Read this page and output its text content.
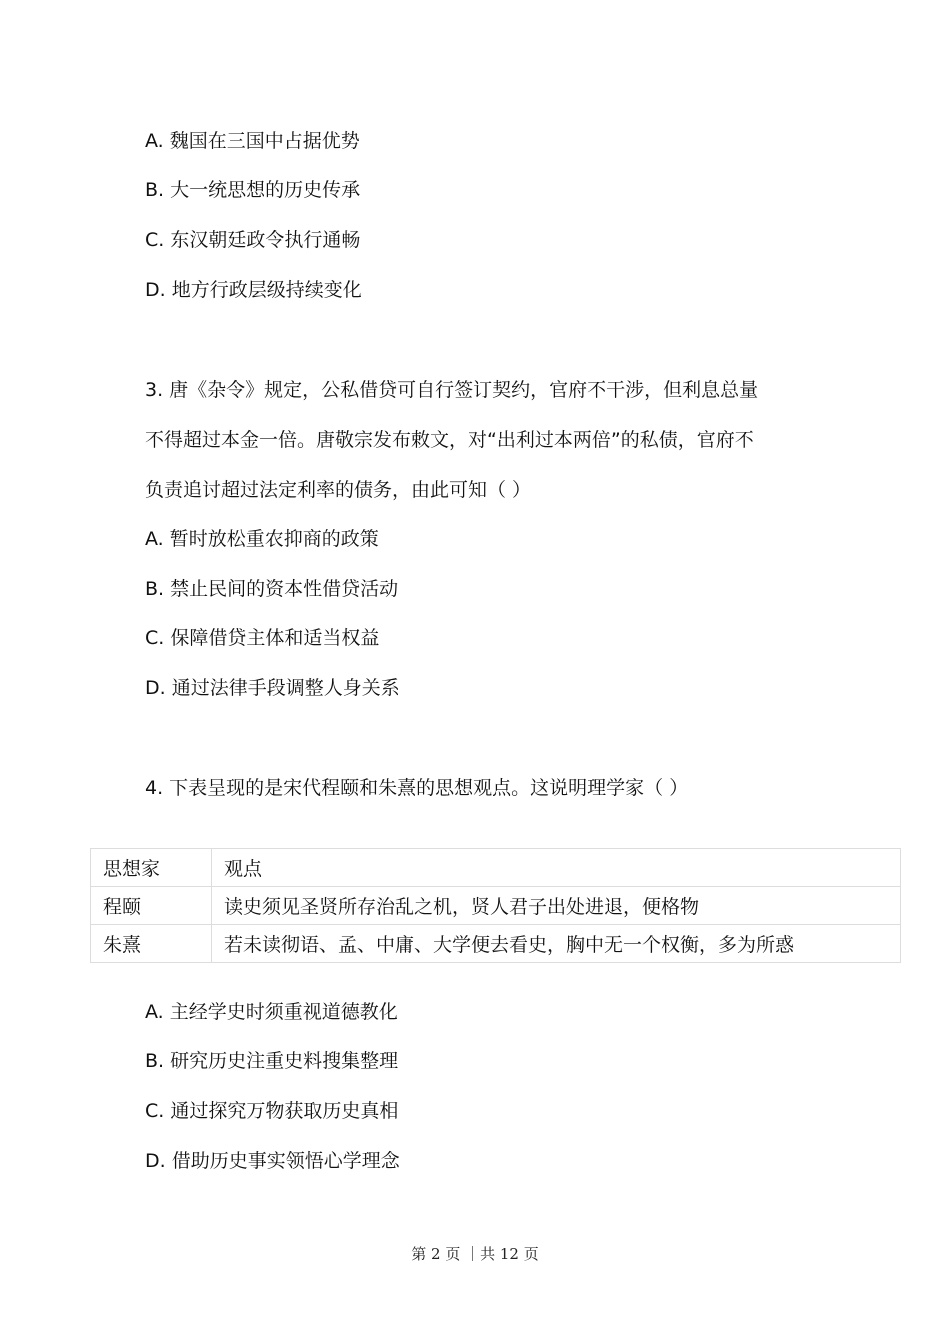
A. 魏国在三国中占据优势
B. 大一统思想的历史传承
C. 东汉朝廷政令执行通畅
D. 地方行政层级持续变化
3. 唐《杂令》规定，公私借贷可自行签订契约，官府不干涉，但利息总量
不得超过本金一倍。唐敬宗发布敕文，对“出利过本两倍”的私债，官府不
负责追讨超过法定利率的债务，由此可知（ ）
A. 暂时放松重农抑商的政策
B. 禁止民间的资本性借贷活动
C. 保障借贷主体和适当权益
D. 通过法律手段调整人身关系
4. 下表呈现的是宋代程颐和朱熹的思想观点。这说明理学家（ ）
思想家	观点
程颐	读史须见圣贤所存治乱之机，贤人君子出处进退，便格物
朱熹	若未读彻语、孟、中庸、大学便去看史，胸中无一个权衡，多为所惑
A. 主经学史时须重视道德教化
B. 研究历史注重史料搜集整理
C. 通过探究万物获取历史真相
D. 借助历史事实领悟心学理念
第 2 页 ｜共 12 页
